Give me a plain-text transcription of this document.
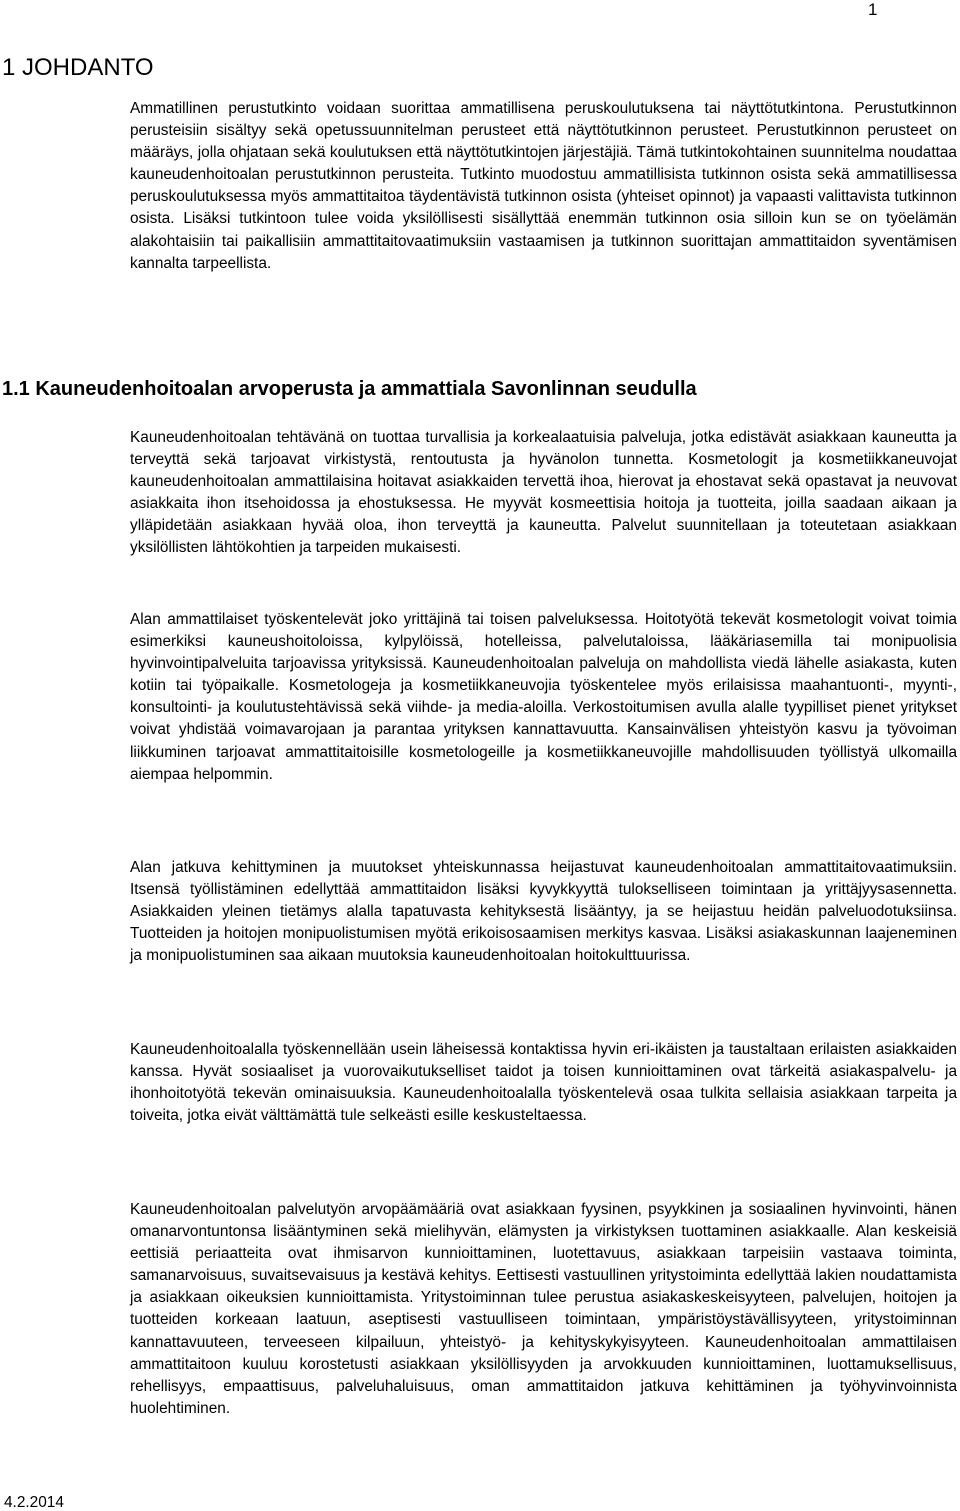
1
1 JOHDANTO

Ammatillinen perustutkinto voidaan suorittaa ammatillisena peruskoulutuksena tai näyttötutkintona. Perustutkinnon perusteisiin sisältyy sekä opetussuunnitelman perusteet että näyttötutkinnon perusteet. Perustutkinnon perusteet on määräys, jolla ohjataan sekä koulutuksen että näyttötutkintojen järjestäjiä. Tämä tutkintokohtainen suunnitelma noudattaa kauneudenhoitoalan perustutkinnon perusteita. Tutkinto muodostuu ammatillisista tutkinnon osista sekä ammatillisessa peruskoulutuksessa myös ammattitaitoa täydentävistä tutkinnon osista (yhteiset opinnot) ja vapaasti valittavista tutkinnon osista. Lisäksi tutkintoon tulee voida yksilöllisesti sisällyttää enemmän tutkinnon osia silloin kun se on työelämän alakohtaisiin tai paikallisiin ammattitaitovaatimuksiin vastaamisen ja tutkinnon suorittajan ammattitaidon syventämisen kannalta tarpeellista.

1.1 Kauneudenhoitoalan arvoperusta ja ammattiala Savonlinnan seudulla

Kauneudenhoitoalan tehtävänä on tuottaa turvallisia ja korkealaatuisia palveluja, jotka edistävät asiakkaan kauneutta ja terveyttä sekä tarjoavat virkistystä, rentoutusta ja hyvänolon tunnetta. Kosmetologit ja kosmetiikkaneuvojat kauneudenhoitoalan ammattilaisina hoitavat asiakkaiden tervettä ihoa, hierovat ja ehostavat sekä opastavat ja neuvovat asiakkaita ihon itsehoidossa ja ehostuksessa. He myyvät kosmeettisia hoitoja ja tuotteita, joilla saadaan aikaan ja ylläpidetään asiakkaan hyvää oloa, ihon terveyttä ja kauneutta. Palvelut suunnitellaan ja toteutetaan asiakkaan yksilöllisten lähtökohtien ja tarpeiden mukaisesti.

Alan ammattilaiset työskentelevät joko yrittäjinä tai toisen palveluksessa. Hoitotyötä tekevät kosmetologit voivat toimia esimerkiksi kauneushoitoloissa, kylpylöissä, hotelleissa, palvelutaloissa, lääkäriasemilla tai monipuolisia hyvinvointipalveluita tarjoavissa yrityksissä. Kauneudenhoitoalan palveluja on mahdollista viedä lähelle asiakasta, kuten kotiin tai työpaikalle. Kosmetologeja ja kosmetiikkaneuvojia työskentelee myös erilaisissa maahantuonti-, myynti-, konsultointi- ja koulutustehtävissä sekä viihde- ja media-aloilla. Verkostoitumisen avulla alalle tyypilliset pienet yritykset voivat yhdistää voimavarojaan ja parantaa yrityksen kannattavuutta. Kansainvälisen yhteistyön kasvu ja työvoiman liikkuminen tarjoavat ammattitaitoisille kosmetologeille ja kosmetiikkaneuvojille mahdollisuuden työllistyä ulkomailla aiempaa helpommin.

Alan jatkuva kehittyminen ja muutokset yhteiskunnassa heijastuvat kauneudenhoitoalan ammattitaitovaatimuksiin. Itsensä työllistäminen edellyttää ammattitaidon lisäksi kyvykkyyttä tulokselliseen toimintaan ja yrittäjyysasennetta. Asiakkaiden yleinen tietämys alalla tapatuvasta kehityksestä lisääntyy, ja se heijastuu heidän palveluodotuksiinsa. Tuotteiden ja hoitojen monipuolistumisen myötä erikoisosaamisen merkitys kasvaa. Lisäksi asiakaskunnan laajeneminen ja monipuolistuminen saa aikaan muutoksia kauneudenhoitoalan hoitokulttuurissa.

Kauneudenhoitoalalla työskennellään usein läheisessä kontaktissa hyvin eri-ikäisten ja taustaltaan erilaisten asiakkaiden kanssa. Hyvät sosiaaliset ja vuorovaikutukselliset taidot ja toisen kunnioittaminen ovat tärkeitä asiakaspalvelu- ja ihonhoitotyötä tekevän ominaisuuksia. Kauneudenhoitoalalla työskentelevä osaa tulkita sellaisia asiakkaan tarpeita ja toiveita, jotka eivät välttämättä tule selkeästi esille keskusteltaessa.

Kauneudenhoitoalan palvelutyön arvopäämääriä ovat asiakkaan fyysinen, psyykkinen ja sosiaalinen hyvinvointi, hänen omanarvontuntonsa lisääntyminen sekä mielihyvän, elämysten ja virkistyksen tuottaminen asiakkaalle. Alan keskeisiä eettisiä periaatteita ovat ihmisarvon kunnioittaminen, luotettavuus, asiakkaan tarpeisiin vastaava toiminta, samanarvoisuus, suvaitsevaisuus ja kestävä kehitys. Eettisesti vastuullinen yritystoiminta edellyttää lakien noudattamista ja asiakkaan oikeuksien kunnioittamista. Yritystoiminnan tulee perustua asiakaskeskeisyyteen, palvelujen, hoitojen ja tuotteiden korkeaan laatuun, aseptisesti vastuulliseen toimintaan, ympäristöystävällisyyteen, yritystoiminnan kannattavuuteen, terveeseen kilpailuun, yhteistyö- ja kehityskykyisyyteen. Kauneudenhoitoalan ammattilaisen ammattitaitoon kuuluu korostetusti asiakkaan yksilöllisyyden ja arvokkuuden kunnioittaminen, luottamuksellisuus, rehellisyys, empaattisuus, palveluhaluisuus, oman ammattitaidon jatkuva kehittäminen ja työhyvinvoinnista huolehtiminen.

4.2.2014
